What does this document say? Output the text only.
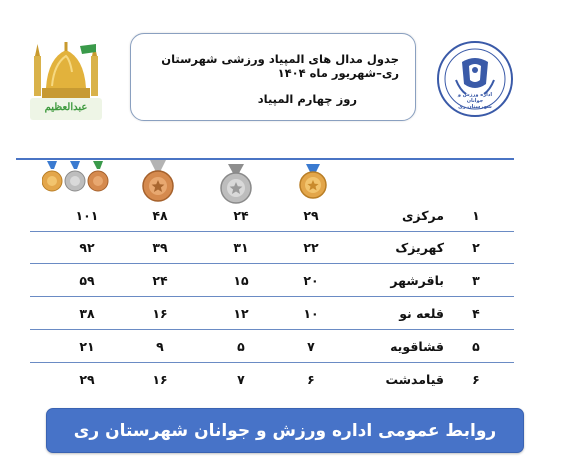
عبدالعظیم
جدول مدال های المپیاد ورزشی شهرستان ری–شهریور ماه ۱۴۰۴
روز چهارم المپیاد	اداره ورزش و جوانان شهرستان ری
۱
مرکزی
۲۹
۲۴
۴۸
۱۰۱
۲
کهریزک
۲۲
۳۱
۳۹
۹۲
۳
باقرشهر
۲۰
۱۵
۲۴
۵۹
۴
قلعه نو
۱۰
۱۲
۱۶
۳۸
۵
قشاقویه
۷
۵
۹
۲۱
۶
قیامدشت
۶
۷
۱۶
۲۹
روابط عمومی اداره ورزش و جوانان شهرستان ری
